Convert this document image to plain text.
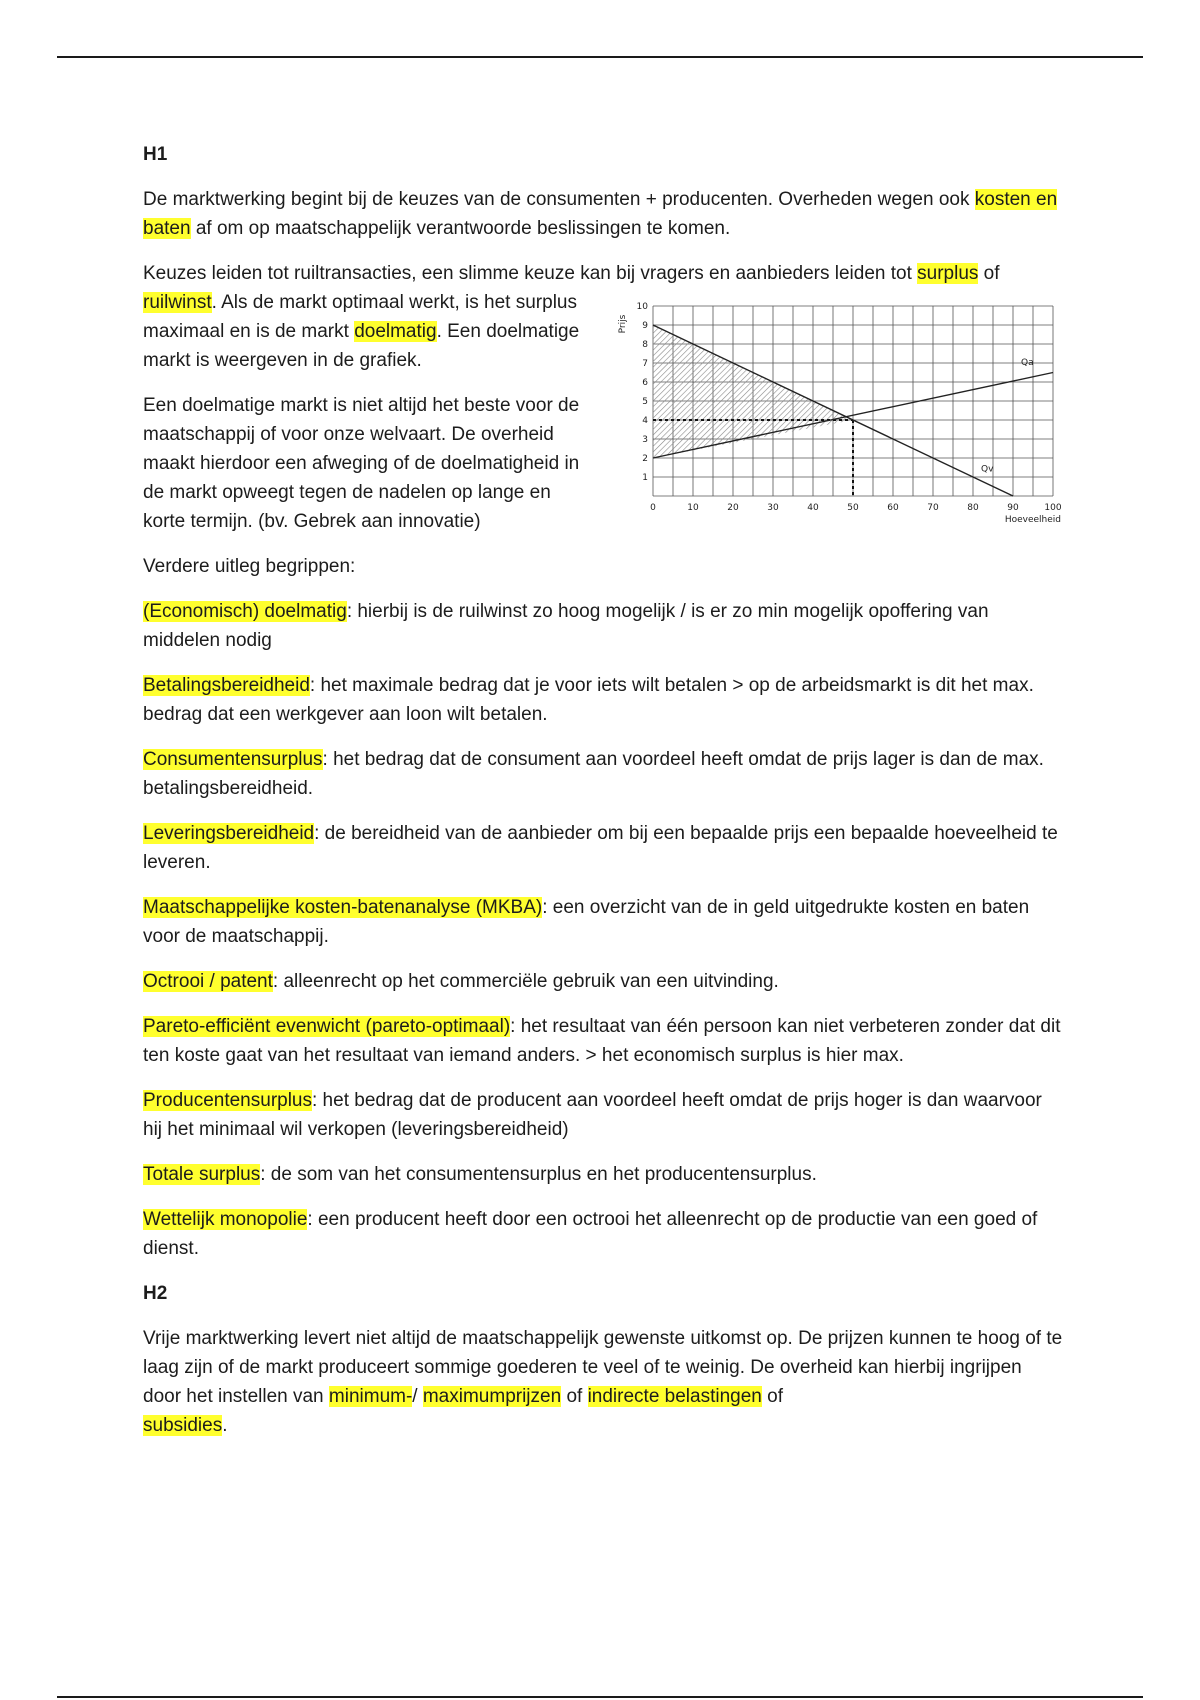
H1

De marktwerking begint bij de keuzes van de consumenten + producenten. Overheden wegen ook kosten en baten af om op maatschappelijk verantwoorde beslissingen te komen.

Keuzes leiden tot ruiltransacties, een slimme keuze kan bij vragers en aanbieders leiden tot surplus of

ruilwinst. Als de markt optimaal werkt, is het surplus maximaal en is de markt doelmatig. Een doelmatige markt is weergeven in de grafiek.

Een doelmatige markt is niet altijd het beste voor de maatschappij of voor onze welvaart. De overheid maakt hierdoor een afweging of de doelmatigheid in de markt opweegt tegen de nadelen op lange en korte termijn. (bv. Gebrek aan innovatie)

Qa
Qv
0	10	20	30	40	50	60	70	80	90	100
1
2
3
4
5
6
7
8
9
10
Hoeveelheid
Prijs

Verdere uitleg begrippen:

(Economisch) doelmatig: hierbij is de ruilwinst zo hoog mogelijk / is er zo min mogelijk opoffering van middelen nodig

Betalingsbereidheid: het maximale bedrag dat je voor iets wilt betalen > op de arbeidsmarkt is dit het max. bedrag dat een werkgever aan loon wilt betalen.

Consumentensurplus: het bedrag dat de consument aan voordeel heeft omdat de prijs lager is dan de max. betalingsbereidheid.

Leveringsbereidheid: de bereidheid van de aanbieder om bij een bepaalde prijs een bepaalde hoeveelheid te leveren.

Maatschappelijke kosten-batenanalyse (MKBA): een overzicht van de in geld uitgedrukte kosten en baten voor de maatschappij.

Octrooi / patent: alleenrecht op het commerciële gebruik van een uitvinding.

Pareto-efficiënt evenwicht (pareto-optimaal): het resultaat van één persoon kan niet verbeteren zonder dat dit ten koste gaat van het resultaat van iemand anders. > het economisch surplus is hier max.

Producentensurplus: het bedrag dat de producent aan voordeel heeft omdat de prijs hoger is dan waarvoor hij het minimaal wil verkopen (leveringsbereidheid)

Totale surplus: de som van het consumentensurplus en het producentensurplus.

Wettelijk monopolie: een producent heeft door een octrooi het alleenrecht op de productie van een goed of dienst.

H2

Vrije marktwerking levert niet altijd de maatschappelijk gewenste uitkomst op. De prijzen kunnen te hoog of te laag zijn of de markt produceert sommige goederen te veel of te weinig. De overheid kan hierbij ingrijpen door het instellen van minimum-/ maximumprijzen of indirecte belastingen of
subsidies.
